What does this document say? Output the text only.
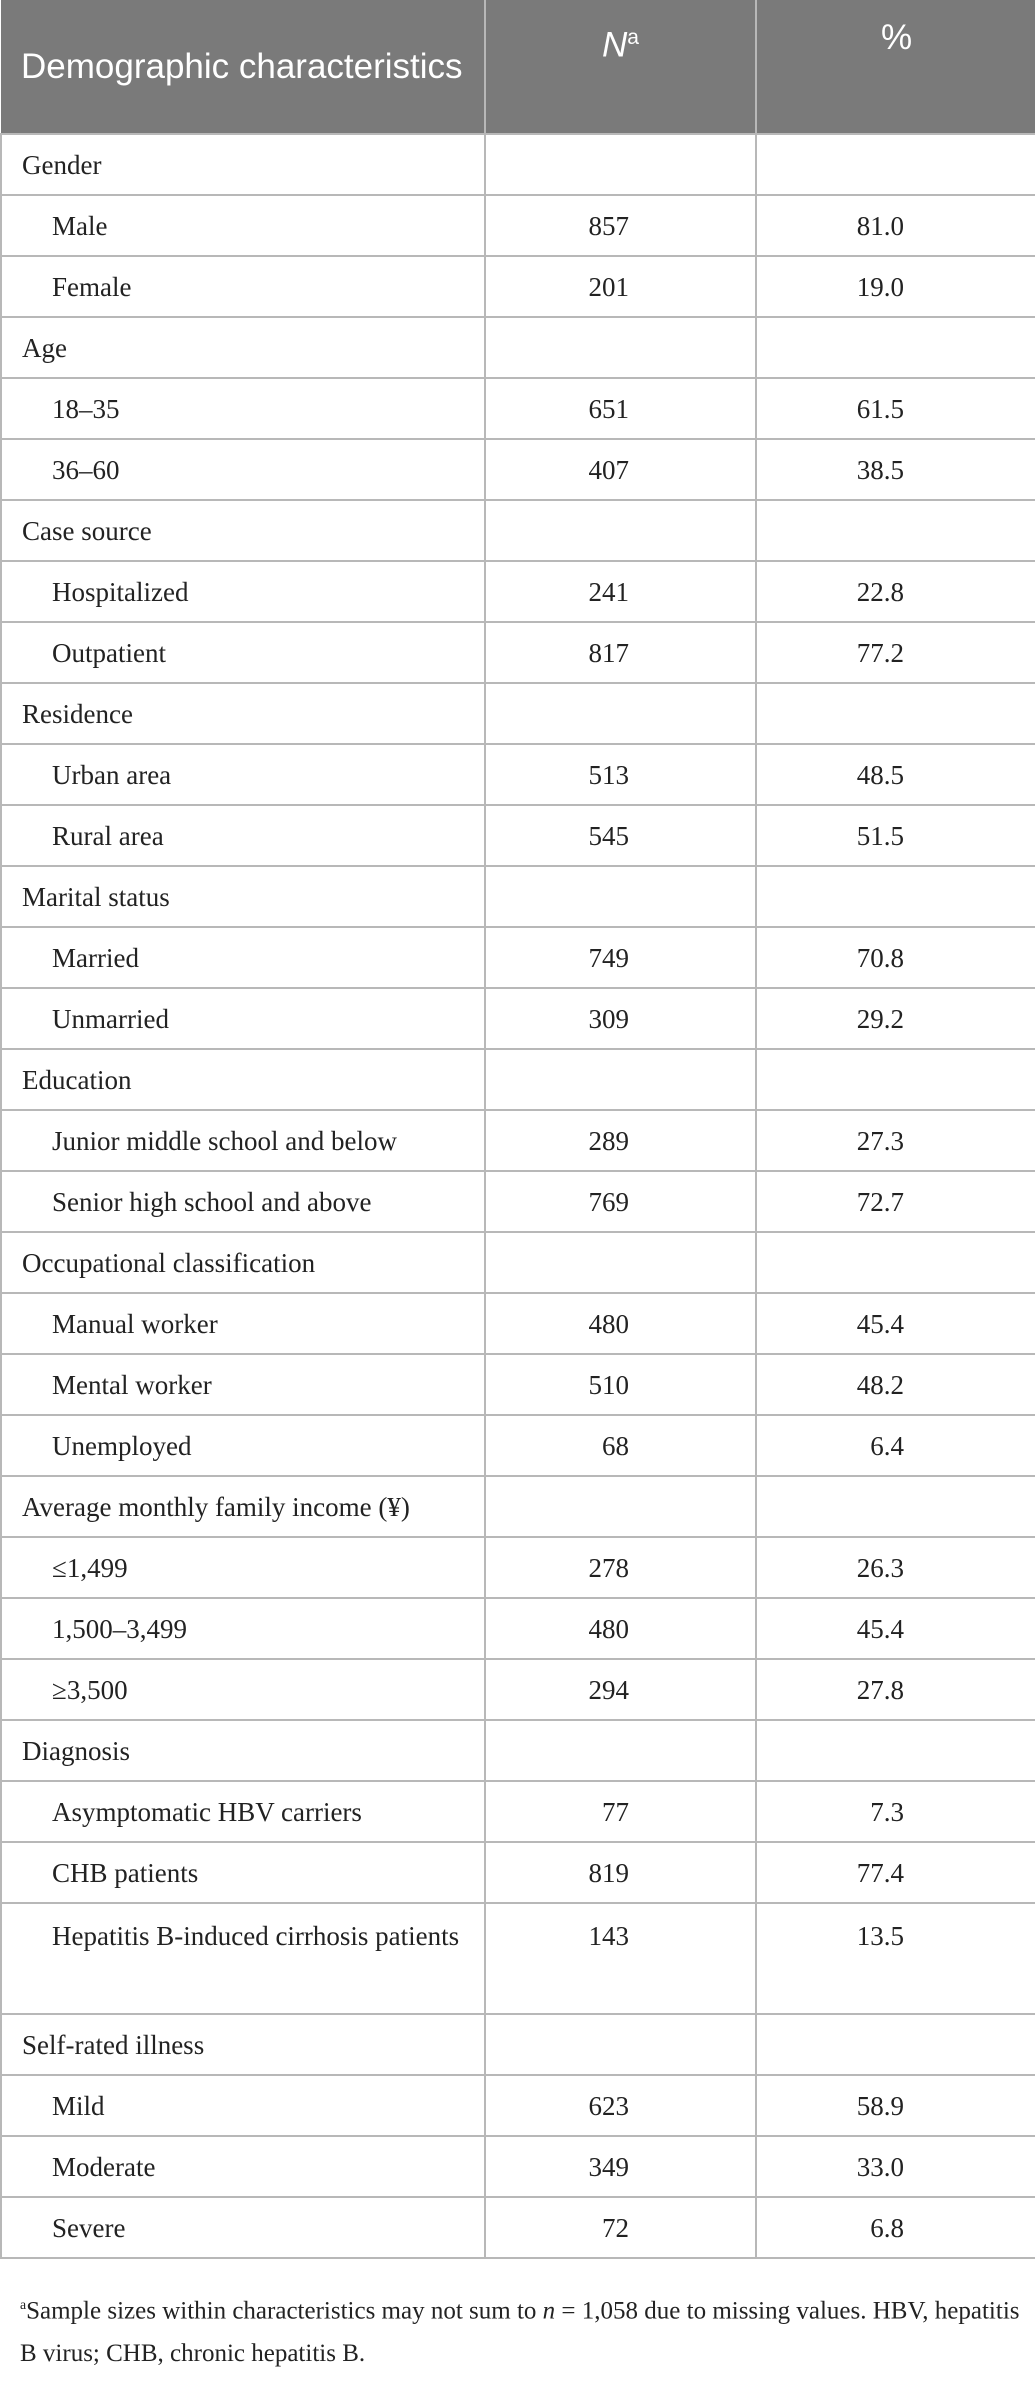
Demographic characteristics	$N^a$	%
Gender		
Male	857	81.0
Female	201	19.0
Age		
18–35	651	61.5
36–60	407	38.5
Case source		
Hospitalized	241	22.8
Outpatient	817	77.2
Residence		
Urban area	513	48.5
Rural area	545	51.5
Marital status		
Married	749	70.8
Unmarried	309	29.2
Education		
Junior middle school and below	289	27.3
Senior high school and above	769	72.7
Occupational classification		
Manual worker	480	45.4
Mental worker	510	48.2
Unemployed	68	6.4
Average monthly family income (¥)		
≤1,499	278	26.3
1,500–3,499	480	45.4
≥3,500	294	27.8
Diagnosis		
Asymptomatic HBV carriers	77	7.3
CHB patients	819	77.4
Hepatitis B-induced cirrhosis patients	143	13.5
Self-rated illness		
Mild	623	58.9
Moderate	349	33.0
Severe	72	6.8
$^a$Sample sizes within characteristics may not sum to n = 1,058 due to missing values. HBV, hepatitis B virus; CHB, chronic hepatitis B.
